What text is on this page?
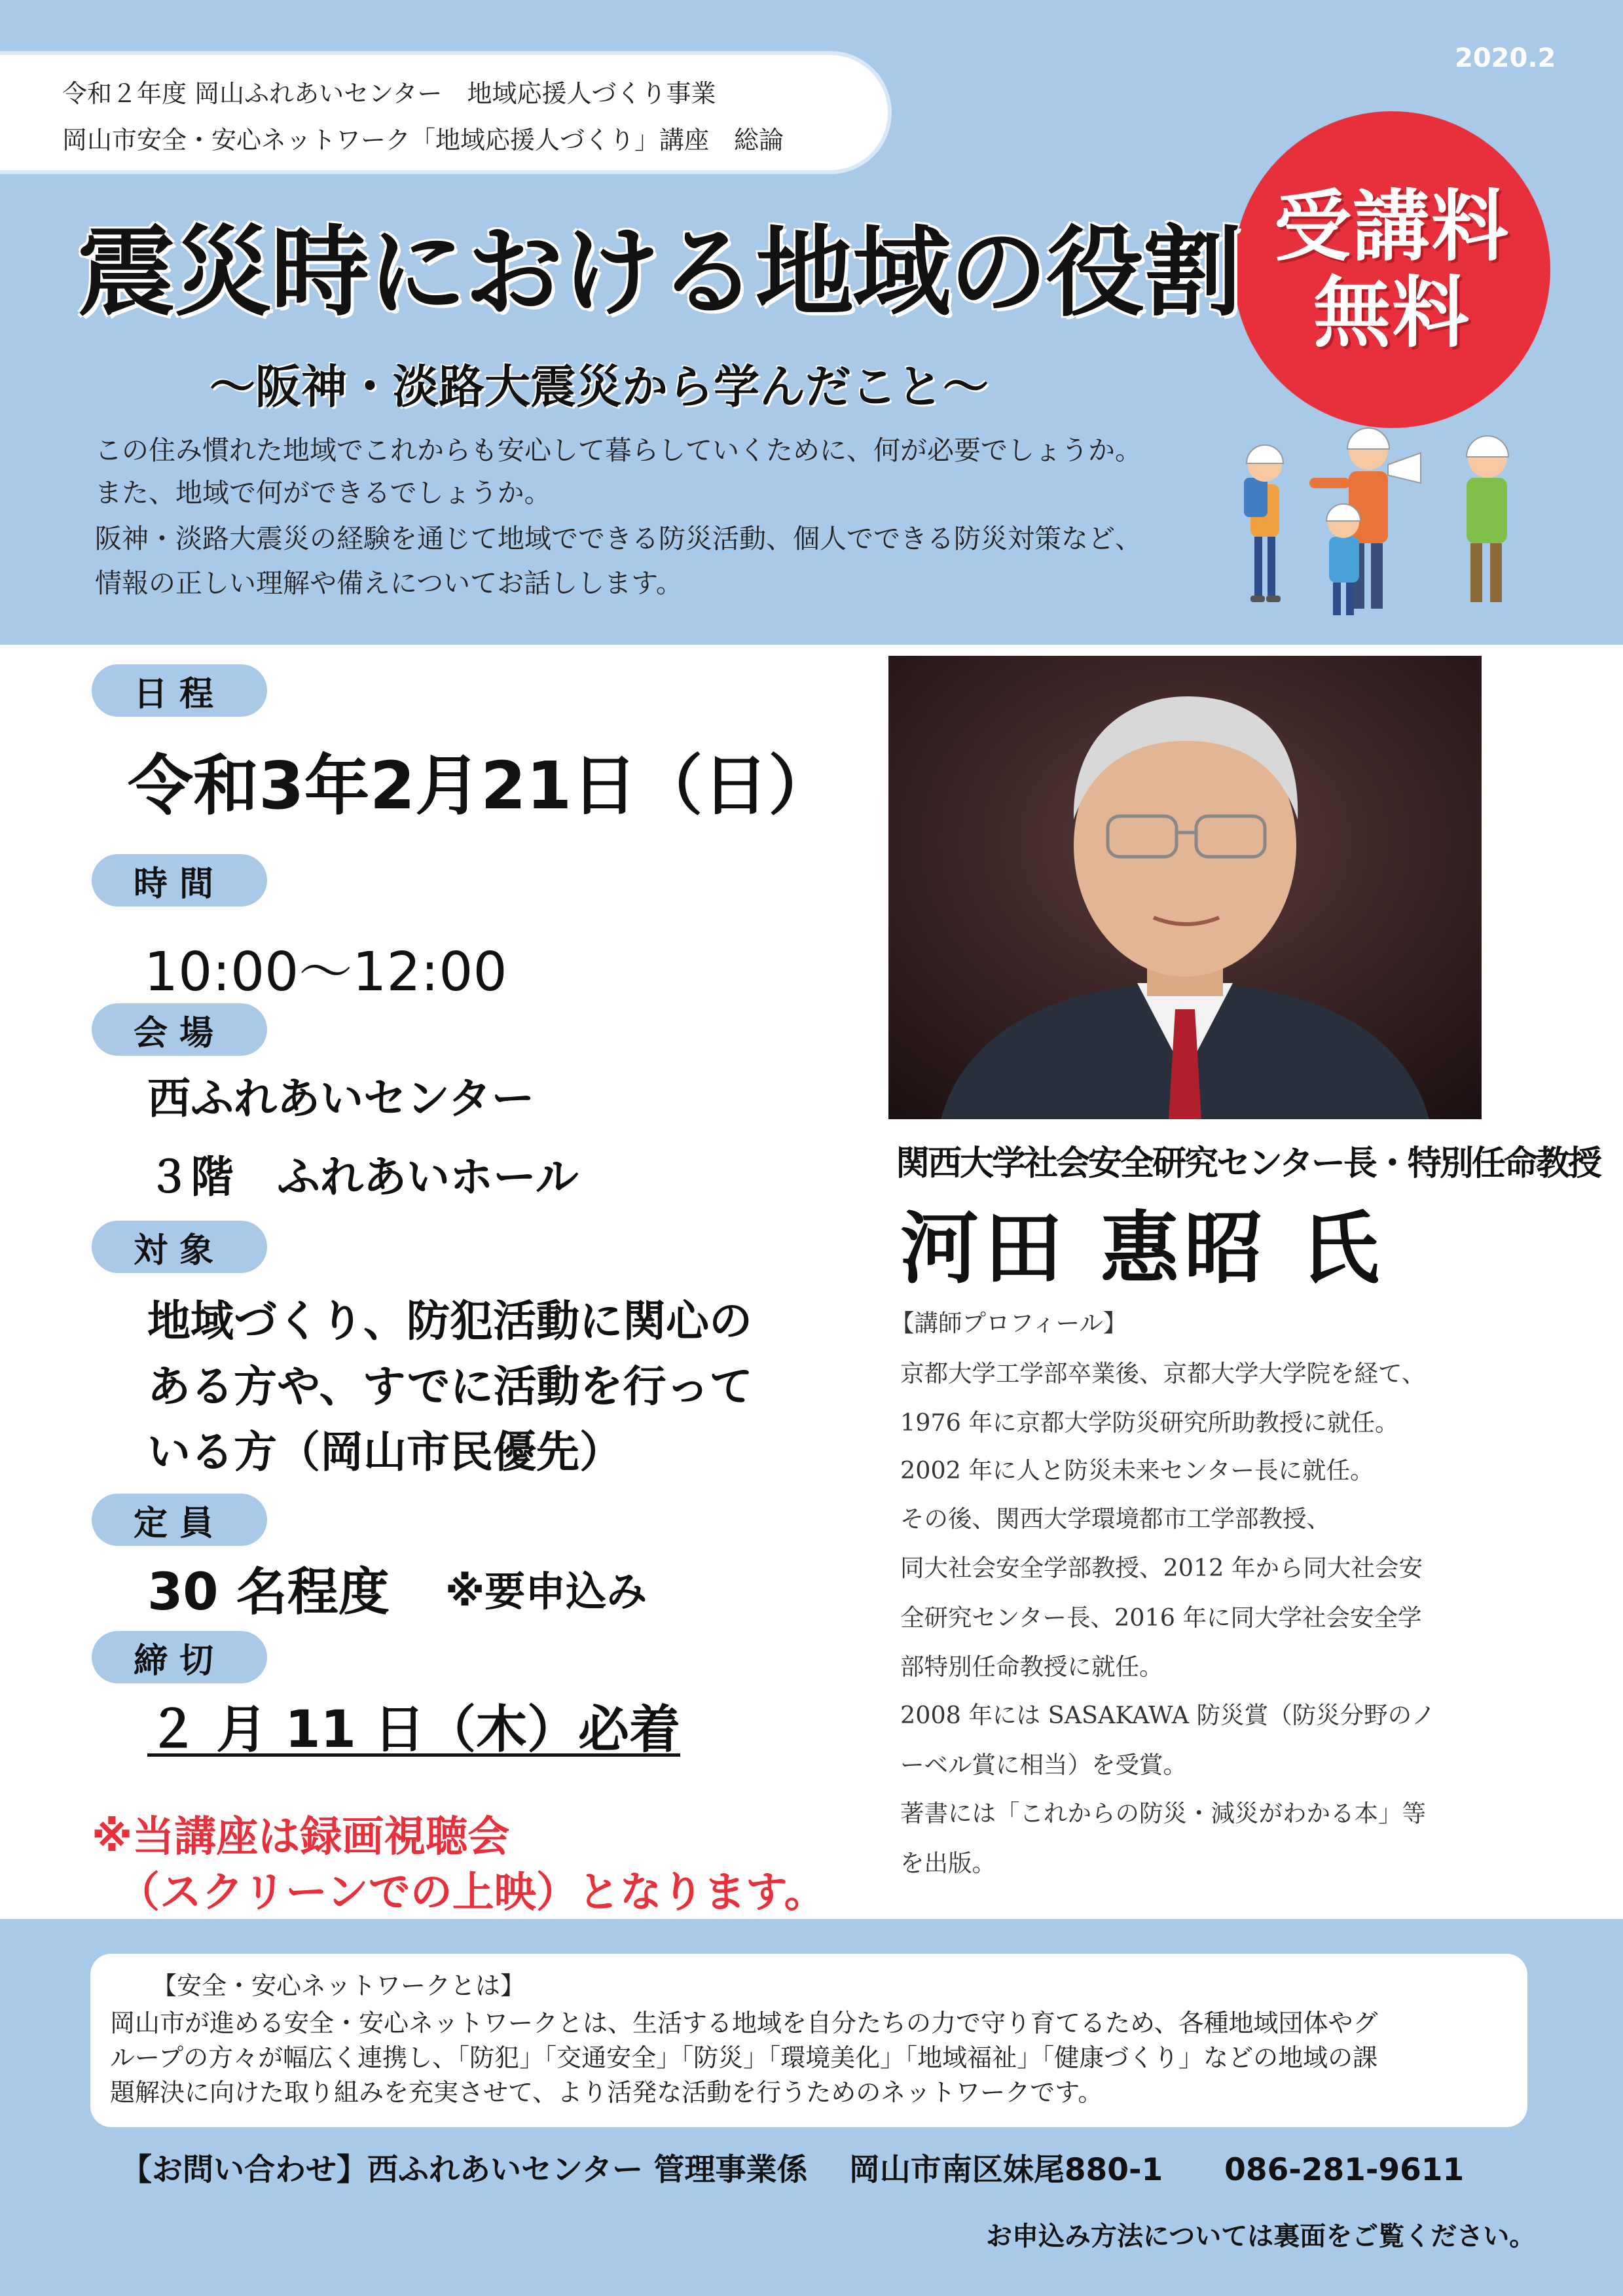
令和２年度 岡山ふれあいセンター　地域応援人づくり事業
岡山市安全・安心ネットワーク「地域応援人づくり」講座　総論
2020.2
受講料
無料
震災時における地域の役割
～阪神・淡路大震災から学んだこと～
この住み慣れた地域でこれからも安心して暮らしていくために、何が必要でしょうか。
また、地域で何ができるでしょうか。
阪神・淡路大震災の経験を通じて地域でできる防災活動、個人でできる防災対策など、
情報の正しい理解や備えについてお話しします。
日程
令和3年2月21日（日）
時間
10:00～12:00
会場
西ふれあいセンター
３階　ふれあいホール
対象
地域づくり、防犯活動に関心の
ある方や、すでに活動を行って
いる方（岡山市民優先）
定員
30 名程度 ※要申込み
締切
２ 月 11 日（木）必着
※当講座は録画視聴会
（スクリーンでの上映）となります。
関西大学社会安全研究センター長・特別任命教授
河田 惠昭 氏
【講師プロフィール】
京都大学工学部卒業後、京都大学大学院を経て、
1976 年に京都大学防災研究所助教授に就任。
2002 年に人と防災未来センター長に就任。
その後、関西大学環境都市工学部教授、
同大社会安全学部教授、2012 年から同大社会安
全研究センター長、2016 年に同大学社会安全学
部特別任命教授に就任。
2008 年には SASAKAWA 防災賞（防災分野のノ
ーベル賞に相当）を受賞。
著書には「これからの防災・減災がわかる本」等
を出版。
【安全・安心ネットワークとは】
岡山市が進める安全・安心ネットワークとは、生活する地域を自分たちの力で守り育てるため、各種地域団体やグ
ループの方々が幅広く連携し、「防犯」「交通安全」「防災」「環境美化」「地域福祉」「健康づくり」などの地域の課
題解決に向けた取り組みを充実させて、より活発な活動を行うためのネットワークです。
【お問い合わせ】西ふれあいセンター 管理事業係　 岡山市南区妹尾880-1　　086-281-9611
お申込み方法については裏面をご覧ください。
